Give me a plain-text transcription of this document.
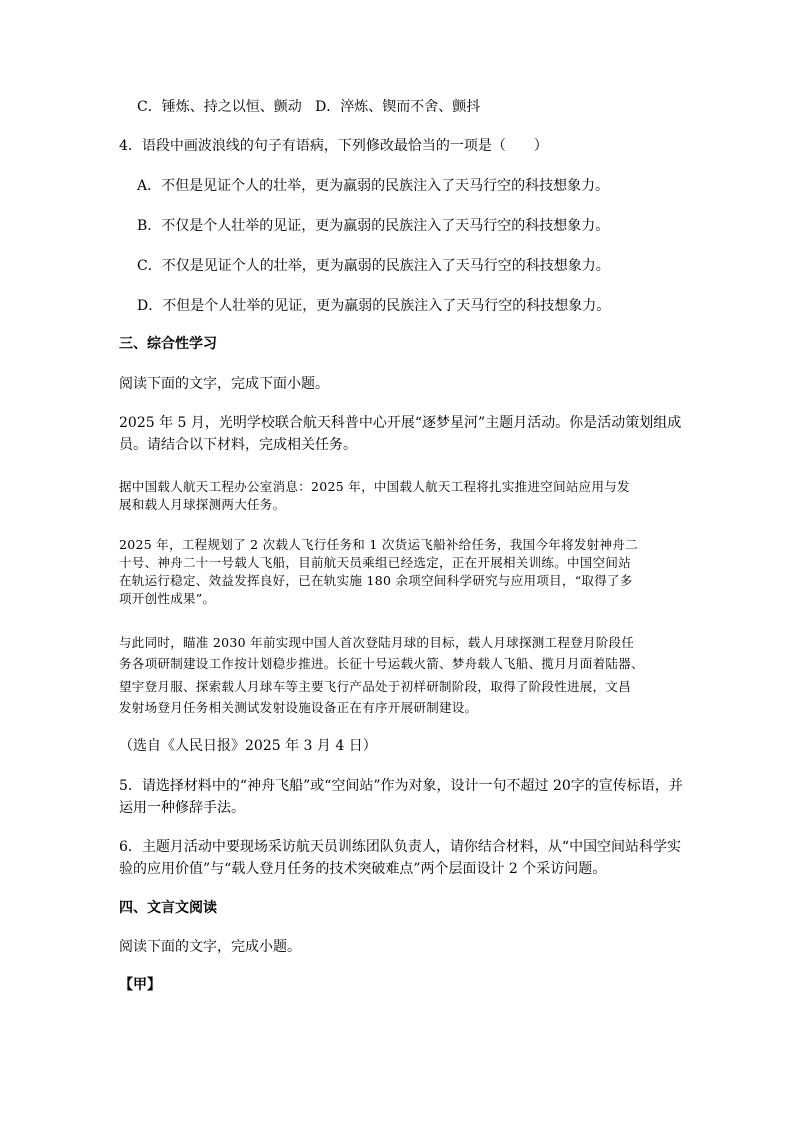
C．锤炼、持之以恒、颤动 D．淬炼、锲而不舍、颤抖
4．语段中画波浪线的句子有语病，下列修改最恰当的一项是（　　）
A．不但是见证个人的壮举，更为羸弱的民族注入了天马行空的科技想象力。
B．不仅是个人壮举的见证，更为羸弱的民族注入了天马行空的科技想象力。
C．不仅是见证个人的壮举，更为羸弱的民族注入了天马行空的科技想象力。
D．不但是个人壮举的见证，更为羸弱的民族注入了天马行空的科技想象力。
三、综合性学习
阅读下面的文字，完成下面小题。
2025 年 5 月，光明学校联合航天科普中心开展“逐梦星河”主题月活动。你是活动策划组成
员。请结合以下材料，完成相关任务。
据中国载人航天工程办公室消息：2025 年，中国载人航天工程将扎实推进空间站应用与发
展和载人月球探测两大任务。
2025 年，工程规划了 2 次载人飞行任务和 1 次货运飞船补给任务，我国今年将发射神舟二
十号、神舟二十一号载人飞船，目前航天员乘组已经选定，正在开展相关训练。中国空间站
在轨运行稳定、效益发挥良好，已在轨实施 180 余项空间科学研究与应用项目，“取得了多
项开创性成果”。
与此同时，瞄准 2030 年前实现中国人首次登陆月球的目标，载人月球探测工程登月阶段任
务各项研制建设工作按计划稳步推进。长征十号运载火箭、梦舟载人飞船、揽月月面着陆器、
望宇登月服、探索载人月球车等主要飞行产品处于初样研制阶段，取得了阶段性进展，文昌
发射场登月任务相关测试发射设施设备正在有序开展研制建设。
（选自《人民日报》2025 年 3 月 4 日）
5．请选择材料中的“神舟飞船”或“空间站”作为对象，设计一句不超过 20字的宣传标语，并
运用一种修辞手法。
6．主题月活动中要现场采访航天员训练团队负责人，请你结合材料，从“中国空间站科学实
验的应用价值”与“载人登月任务的技术突破难点”两个层面设计 2 个采访问题。
四、文言文阅读
阅读下面的文字，完成小题。
【甲】
